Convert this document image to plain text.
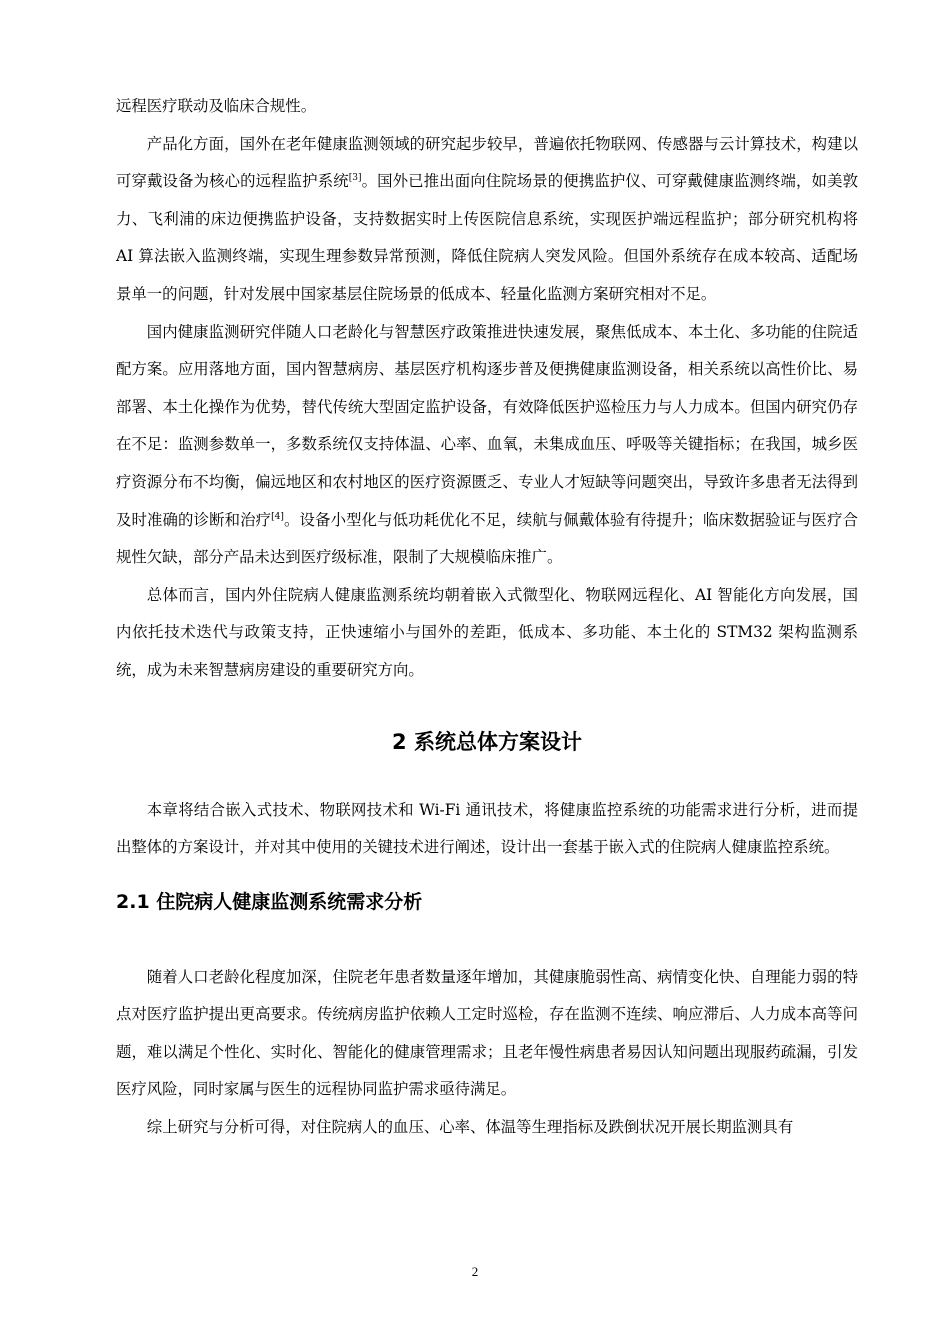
远程医疗联动及临床合规性。

产品化方面，国外在老年健康监测领域的研究起步较早，普遍依托物联网、传感器与云计算技术，构建以可穿戴设备为核心的远程监护系统[3]。国外已推出面向住院场景的便携监护仪、可穿戴健康监测终端，如美敦力、飞利浦的床边便携监护设备，支持数据实时上传医院信息系统，实现医护端远程监护；部分研究机构将 AI 算法嵌入监测终端，实现生理参数异常预测，降低住院病人突发风险。但国外系统存在成本较高、适配场景单一的问题，针对发展中国家基层住院场景的低成本、轻量化监测方案研究相对不足。

国内健康监测研究伴随人口老龄化与智慧医疗政策推进快速发展，聚焦低成本、本土化、多功能的住院适配方案。应用落地方面，国内智慧病房、基层医疗机构逐步普及便携健康监测设备，相关系统以高性价比、易部署、本土化操作为优势，替代传统大型固定监护设备，有效降低医护巡检压力与人力成本。但国内研究仍存在不足：监测参数单一，多数系统仅支持体温、心率、血氧，未集成血压、呼吸等关键指标；在我国，城乡医疗资源分布不均衡，偏远地区和农村地区的医疗资源匮乏、专业人才短缺等问题突出，导致许多患者无法得到及时准确的诊断和治疗[4]。设备小型化与低功耗优化不足，续航与佩戴体验有待提升；临床数据验证与医疗合规性欠缺，部分产品未达到医疗级标准，限制了大规模临床推广。

总体而言，国内外住院病人健康监测系统均朝着嵌入式微型化、物联网远程化、AI 智能化方向发展，国内依托技术迭代与政策支持，正快速缩小与国外的差距，低成本、多功能、本土化的 STM32 架构监测系统，成为未来智慧病房建设的重要研究方向。

2 系统总体方案设计

本章将结合嵌入式技术、物联网技术和 Wi-Fi 通讯技术，将健康监控系统的功能需求进行分析，进而提出整体的方案设计，并对其中使用的关键技术进行阐述，设计出一套基于嵌入式的住院病人健康监控系统。

2.1 住院病人健康监测系统需求分析

随着人口老龄化程度加深，住院老年患者数量逐年增加，其健康脆弱性高、病情变化快、自理能力弱的特点对医疗监护提出更高要求。传统病房监护依赖人工定时巡检，存在监测不连续、响应滞后、人力成本高等问题，难以满足个性化、实时化、智能化的健康管理需求；且老年慢性病患者易因认知问题出现服药疏漏，引发医疗风险，同时家属与医生的远程协同监护需求亟待满足。

综上研究与分析可得，对住院病人的血压、心率、体温等生理指标及跌倒状况开展长期监测具有

2
